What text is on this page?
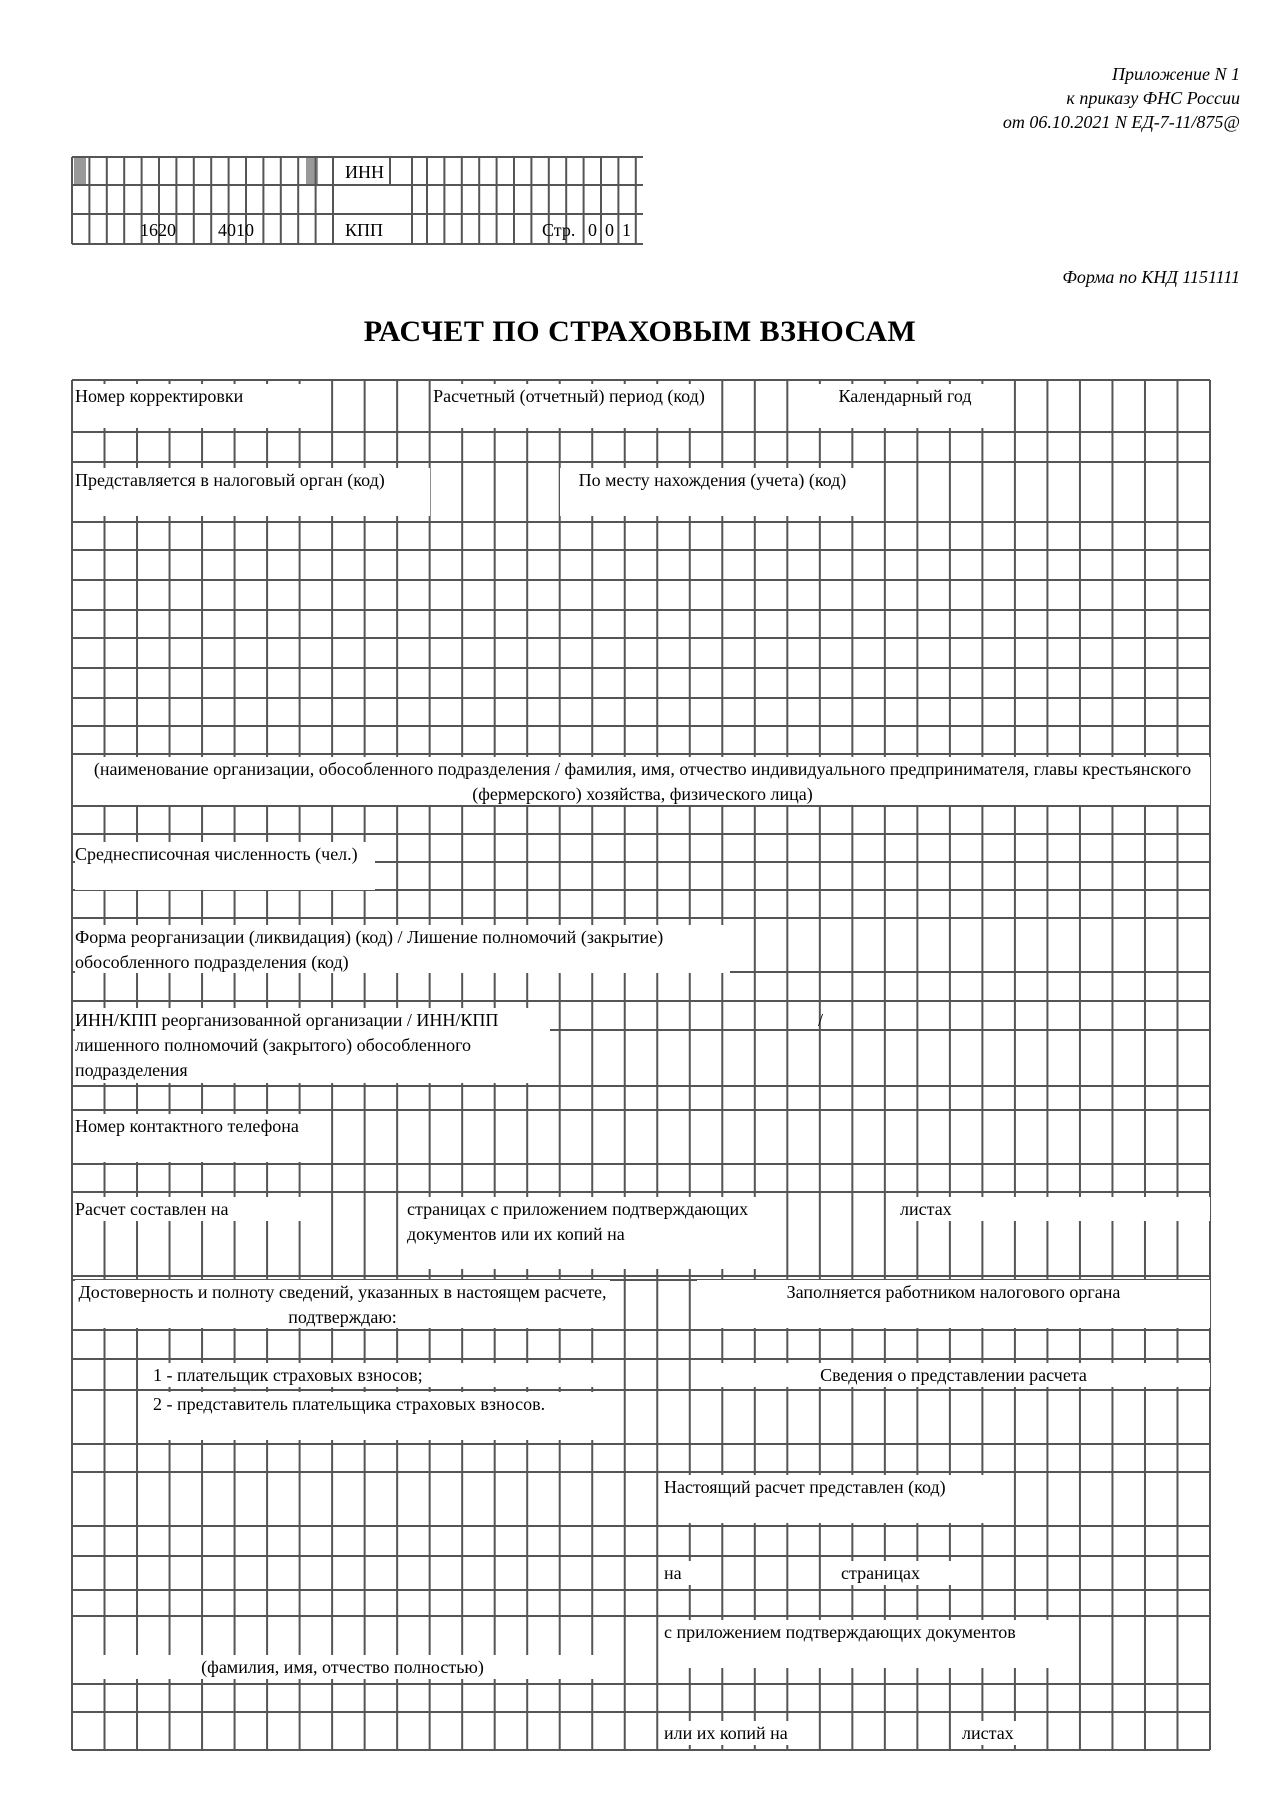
Приложение N 1
к приказу ФНС России
от 06.10.2021 N ЕД-7-11/875@
Форма по КНД 1151111
ИНН
КПП
1620 4010	Стр. 0 0 1
РАСЧЕТ ПО СТРАХОВЫМ ВЗНОСАМ
Номер корректировки	Расчетный (отчетный) период (код)	Календарный год
Представляется в налоговый орган (код)	По месту нахождения (учета) (код)
(наименование организации, обособленного подразделения / фамилия, имя, отчество индивидуального предпринимателя, главы крестьянского (фермерского) хозяйства, физического лица)
Среднесписочная численность (чел.)
Форма реорганизации (ликвидация) (код) / Лишение полномочий (закрытие) обособленного подразделения (код)
ИНН/КПП реорганизованной организации / ИНН/КПП лишенного полномочий (закрытого) обособленного подразделения
/
Номер контактного телефона
Расчет составлен на	страницах с приложением подтверждающих документов или их копий на
листах
Достоверность и полноту сведений, указанных в настоящем расчете, подтверждаю:
1 - плательщик страховых взносов;
2 - представитель плательщика страховых взносов.
(фамилия, имя, отчество полностью)
Заполняется работником налогового органа
Сведения о представлении расчета
Настоящий расчет представлен (код)
на	страницах
с приложением подтверждающих документов
или их копий на	листах
